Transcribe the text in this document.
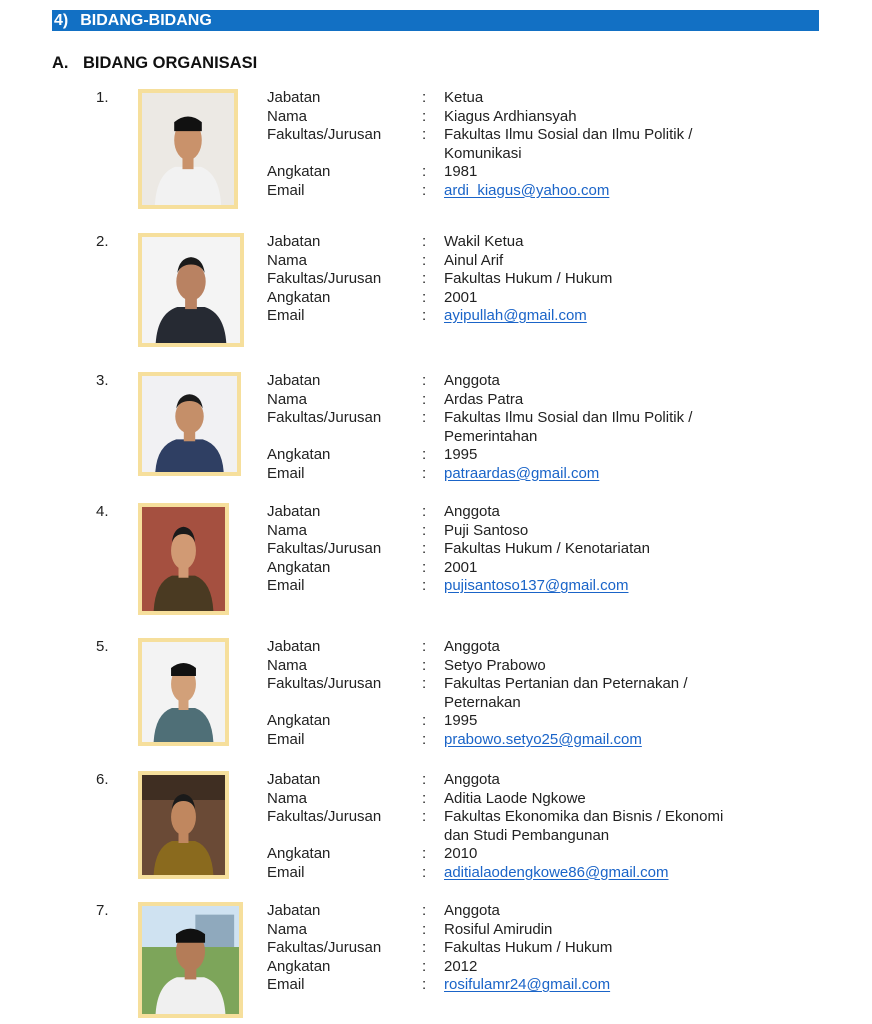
4) BIDANG-BIDANG
A. BIDANG ORGANISASI
1.	Jabatan	: Ketua
Nama	: Kiagus Ardhiansyah
Fakultas/Jurusan	: Fakultas Ilmu Sosial dan Ilmu Politik /
Komunikasi
Angkatan	: 1981
Email	: ardi_kiagus@yahoo.com
2.	Jabatan	: Wakil Ketua
Nama	: Ainul Arif
Fakultas/Jurusan	: Fakultas Hukum / Hukum
Angkatan	: 2001
Email	: ayipullah@gmail.com
3.	Jabatan	: Anggota
Nama	: Ardas Patra
Fakultas/Jurusan	: Fakultas Ilmu Sosial dan Ilmu Politik /
Pemerintahan
Angkatan	: 1995
Email	: patraardas@gmail.com
4.	Jabatan	: Anggota
Nama	: Puji Santoso
Fakultas/Jurusan	: Fakultas Hukum / Kenotariatan
Angkatan	: 2001
Email	: pujisantoso137@gmail.com
5.	Jabatan	: Anggota
Nama	: Setyo Prabowo
Fakultas/Jurusan	: Fakultas Pertanian dan Peternakan /
Peternakan
Angkatan	: 1995
Email	: prabowo.setyo25@gmail.com
6.	Jabatan	: Anggota
Nama	: Aditia Laode Ngkowe
Fakultas/Jurusan	: Fakultas Ekonomika dan Bisnis / Ekonomi
dan Studi Pembangunan
Angkatan	: 2010
Email	: aditialaodengkowe86@gmail.com
7.	Jabatan	: Anggota
Nama	: Rosiful Amirudin
Fakultas/Jurusan	: Fakultas Hukum / Hukum
Angkatan	: 2012
Email	: rosifulamr24@gmail.com
